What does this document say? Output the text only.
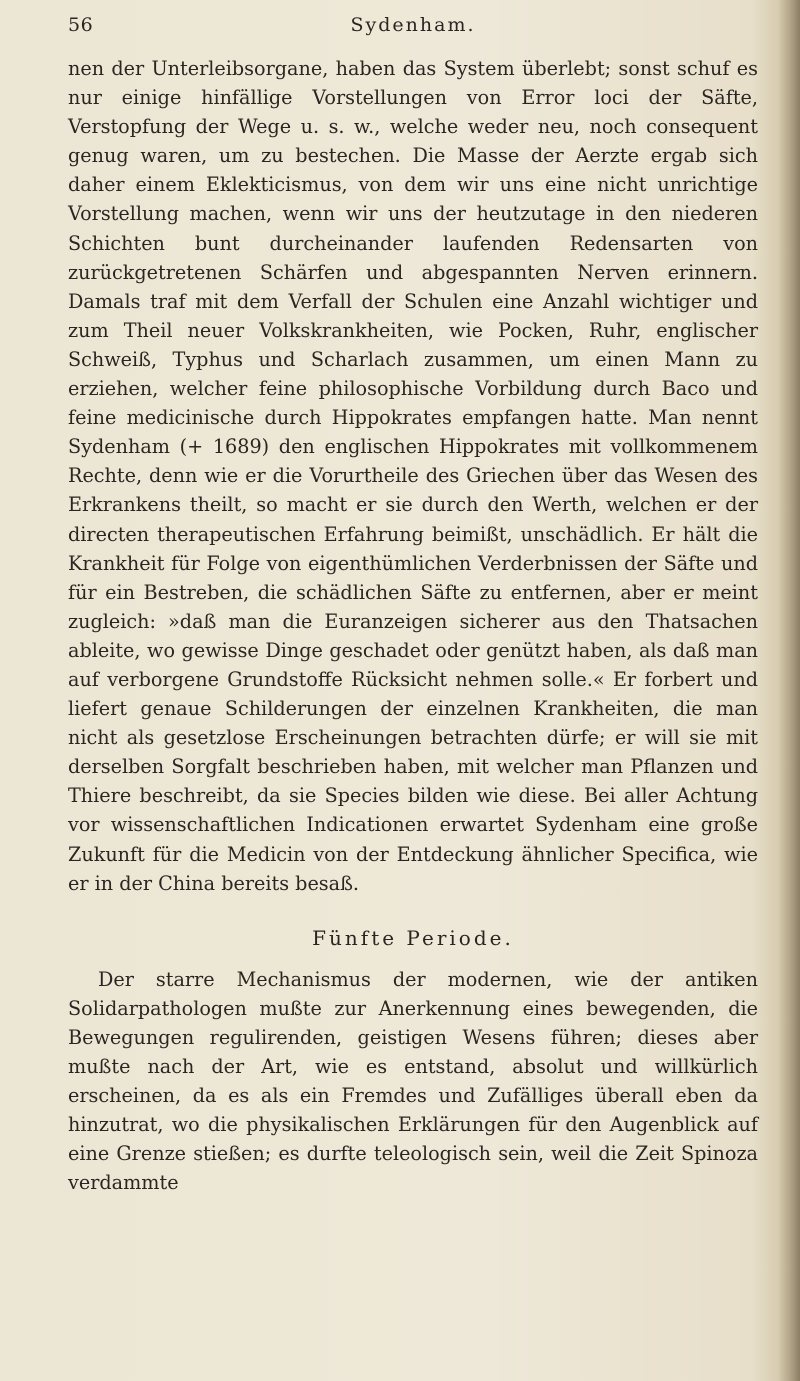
56	Sydenham.

nen der Unterleibsorgane, haben das System überlebt; sonst schuf es nur einige hinfällige Vorstellungen von Error loci der Säfte, Verstopfung der Wege u. s. w., welche weder neu, noch consequent genug waren, um zu bestechen. Die Masse der Aerzte ergab sich daher einem Eklekticismus, von dem wir uns eine nicht unrichtige Vorstellung machen, wenn wir uns der heutzutage in den niederen Schichten bunt durcheinander laufenden Redensarten von zurückgetretenen Schärfen und abgespannten Nerven erinnern. Damals traf mit dem Verfall der Schulen eine Anzahl wichtiger und zum Theil neuer Volkskrankheiten, wie Pocken, Ruhr, englischer Schweiß, Typhus und Scharlach zusammen, um einen Mann zu erziehen, welcher feine philosophische Vorbildung durch Baco und feine medicinische durch Hippokrates empfangen hatte. Man nennt Sydenham (+ 1689) den englischen Hippokrates mit vollkommenem Rechte, denn wie er die Vorurtheile des Griechen über das Wesen des Erkrankens theilt, so macht er sie durch den Werth, welchen er der directen therapeutischen Erfahrung beimißt, unschädlich. Er hält die Krankheit für Folge von eigenthümlichen Verderbnissen der Säfte und für ein Bestreben, die schädlichen Säfte zu entfernen, aber er meint zugleich: »daß man die Euranzeigen sicherer aus den Thatsachen ableite, wo gewisse Dinge geschadet oder genützt haben, als daß man auf verborgene Grundstoffe Rücksicht nehmen solle.« Er forbert und liefert genaue Schilderungen der einzelnen Krankheiten, die man nicht als gesetzlose Erscheinungen betrachten dürfe; er will sie mit derselben Sorgfalt beschrieben haben, mit welcher man Pflanzen und Thiere beschreibt, da sie Species bilden wie diese. Bei aller Achtung vor wissenschaftlichen Indicationen erwartet Sydenham eine große Zukunft für die Medicin von der Entdeckung ähnlicher Specifica, wie er in der China bereits besaß.

Fünfte Periode.

Der starre Mechanismus der modernen, wie der antiken Solidarpathologen mußte zur Anerkennung eines bewegenden, die Bewegungen regulirenden, geistigen Wesens führen; dieses aber mußte nach der Art, wie es entstand, absolut und willkürlich erscheinen, da es als ein Fremdes und Zufälliges überall eben da hinzutrat, wo die physikalischen Erklärungen für den Augenblick auf eine Grenze stießen; es durfte teleologisch sein, weil die Zeit Spinoza verdammte
